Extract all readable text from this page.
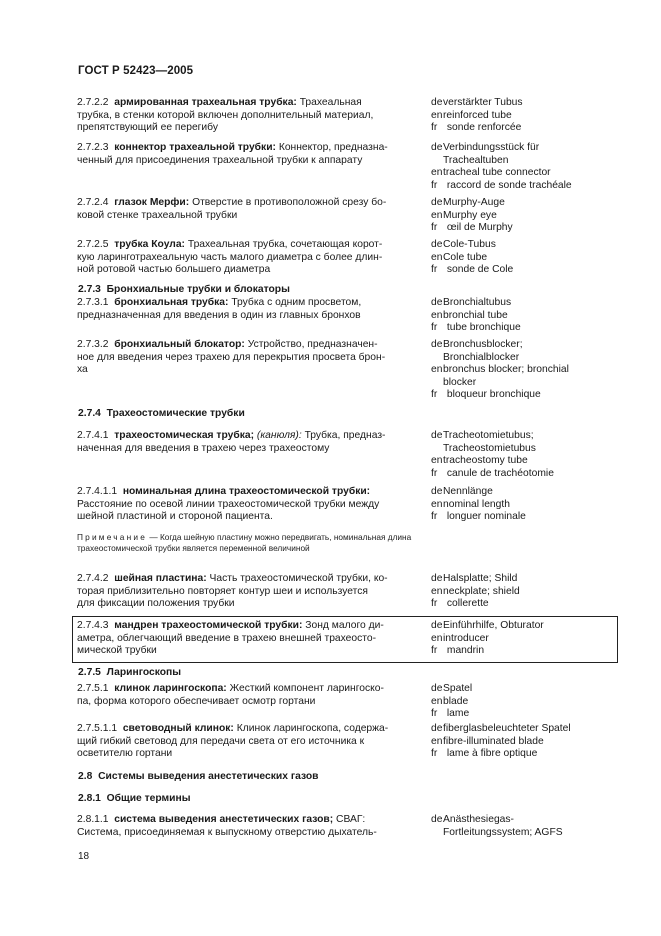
ГОСТ Р 52423—2005
2.7.3 Бронхиальные трубки и блокаторы
2.7.4 Трахеостомические трубки
2.7.5 Ларингоскопы
2.8 Системы выведения анестетических газов
2.8.1 Общие термины
Примечание — Когда шейную пластину можно передвигать, номинальная длина трахеостомической трубки является переменной величиной
18
2.7.2.2 армированная трахеальная трубка: Трахеальная
трубка, в стенки которой включен дополнительный материал,
препятствующий ее перегибу
deverstärkter Tubus
enreinforced tube
fr sonde renforcée
2.7.2.3 коннектор трахеальной трубки: Коннектор, предназна-
ченный для присоединения трахеальной трубки к аппарату
deVerbindungsstück für
Trachealtuben
entracheal tube connector
fr raccord de sonde trachéale
2.7.2.4 глазок Мерфи: Отверстие в противоположной срезу бо-
ковой стенке трахеальной трубки
deMurphy-Auge
enMurphy eye
fr œil de Murphy
2.7.2.5 трубка Коула: Трахеальная трубка, сочетающая корот-
кую ларинготрахеальную часть малого диаметра с более длин-
ной ротовой частью большего диаметра
deCole-Tubus
enCole tube
fr sonde de Cole
2.7.3.1 бронхиальная трубка: Трубка с одним просветом,
предназначенная для введения в один из главных бронхов
deBronchialtubus
enbronchial tube
fr tube bronchique
2.7.3.2 бронхиальный блокатор: Устройство, предназначен-
ное для введения через трахею для перекрытия просвета брон-
ха
deBronchusblocker;
Bronchialblocker
enbronchus blocker; bronchial
blocker
fr bloqueur bronchique
2.7.4.1 трахеостомическая трубка; (канюля): Трубка, предназ-
наченная для введения в трахею через трахеостому
deTracheotomietubus;
Tracheostomietubus
entracheostomy tube
fr canule de trachéotomie
2.7.4.1.1 номинальная длина трахеостомической трубки:
Расстояние по осевой линии трахеостомической трубки между
шейной пластиной и стороной пациента.
deNennlänge
ennominal length
fr longuer nominale
2.7.4.2 шейная пластина: Часть трахеостомической трубки, ко-
торая приблизительно повторяет контур шеи и используется
для фиксации положения трубки
deHalsplatte; Shild
enneckplate; shield
fr collerette
2.7.4.3 мандрен трахеостомической трубки: Зонд малого ди-
аметра, облегчающий введение в трахею внешней трахеосто-
мической трубки
deEinführhilfe, Obturator
enintroducer
fr mandrin
2.7.5.1 клинок ларингоскопа: Жесткий компонент ларингоско-
па, форма которого обеспечивает осмотр гортани
deSpatel
enblade
fr lame
2.7.5.1.1 световодный клинок: Клинок ларингоскопа, содержа-
щий гибкий световод для передачи света от его источника к
осветителю гортани
defiberglasbeleuchteter Spatel
enfibre-illuminated blade
fr lame à fibre optique
2.8.1.1 система выведения анестетических газов; СВАГ:
Система, присоединяемая к выпускному отверстию дыхатель-
deAnästhesiegas-
Fortleitungssystem; AGFS
